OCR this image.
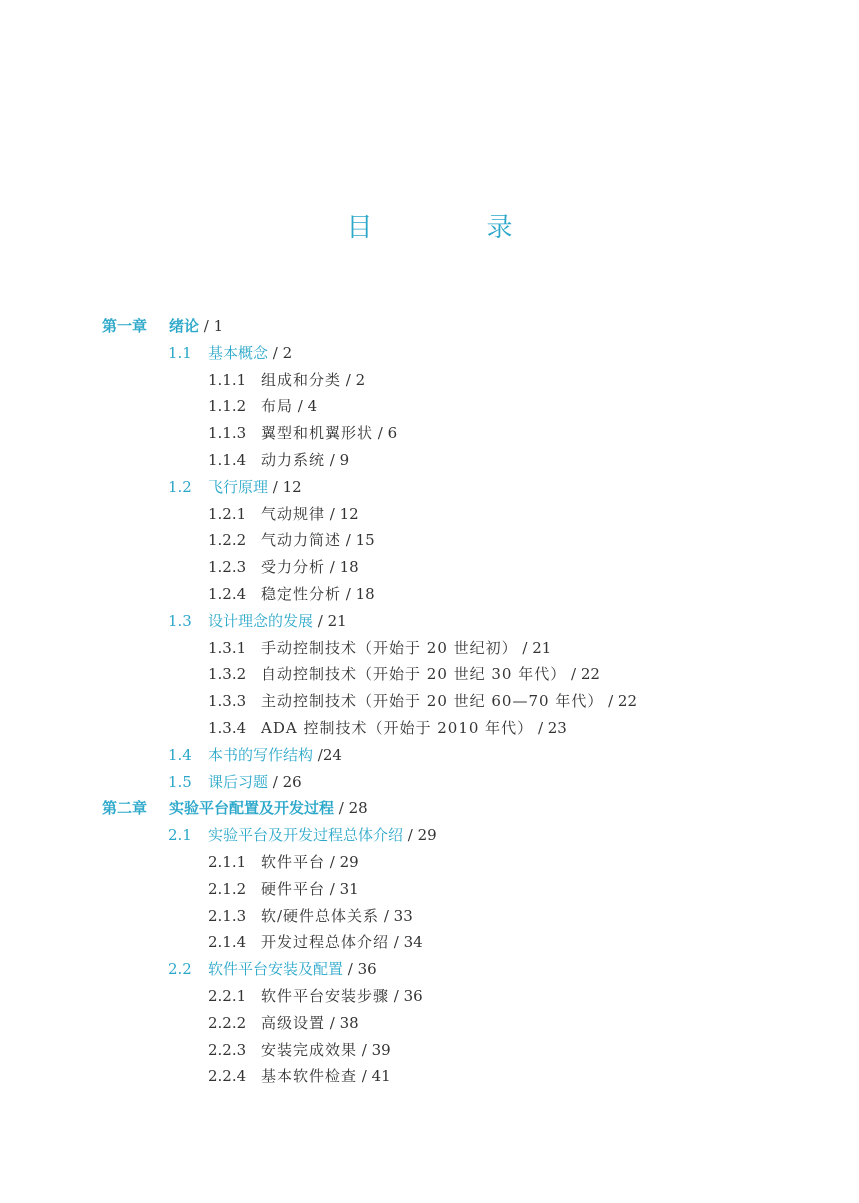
目　录
第一章 绪论 / 1
1.1 基本概念 / 2
1.1.1 组成和分类 / 2
1.1.2 布局 / 4
1.1.3 翼型和机翼形状 / 6
1.1.4 动力系统 / 9
1.2 飞行原理 / 12
1.2.1 气动规律 / 12
1.2.2 气动力简述 / 15
1.2.3 受力分析 / 18
1.2.4 稳定性分析 / 18
1.3 设计理念的发展 / 21
1.3.1 手动控制技术（开始于 20 世纪初） / 21
1.3.2 自动控制技术（开始于 20 世纪 30 年代） / 22
1.3.3 主动控制技术（开始于 20 世纪 60—70 年代） / 22
1.3.4 ADA 控制技术（开始于 2010 年代） / 23
1.4 本书的写作结构 /24
1.5 课后习题 / 26
第二章 实验平台配置及开发过程 / 28
2.1 实验平台及开发过程总体介绍 / 29
2.1.1 软件平台 / 29
2.1.2 硬件平台 / 31
2.1.3 软/硬件总体关系 / 33
2.1.4 开发过程总体介绍 / 34
2.2 软件平台安装及配置 / 36
2.2.1 软件平台安装步骤 / 36
2.2.2 高级设置 / 38
2.2.3 安装完成效果 / 39
2.2.4 基本软件检查 / 41
